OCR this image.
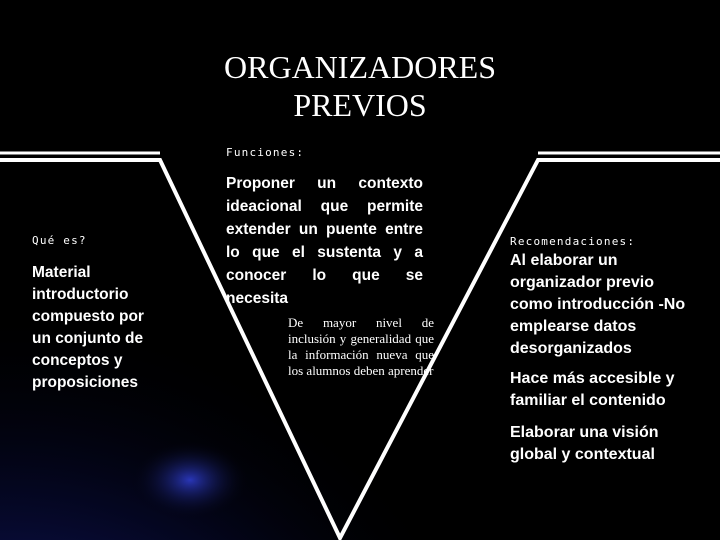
ORGANIZADORES
PREVIOS
Funciones:
Proponer un contexto ideacional que permite extender un puente entre lo que el sustenta y a conocer lo que se necesita
De mayor nivel de inclusión y generalidad que la información nueva que los alumnos deben aprender
Qué es?
Material introductorio compuesto por un conjunto de conceptos y proposiciones
Recomendaciones:
Al elaborar un organizador previo como introducción -No emplearse datos desorganizados
Hace más accesible y familiar el contenido
Elaborar una visión global y contextual
